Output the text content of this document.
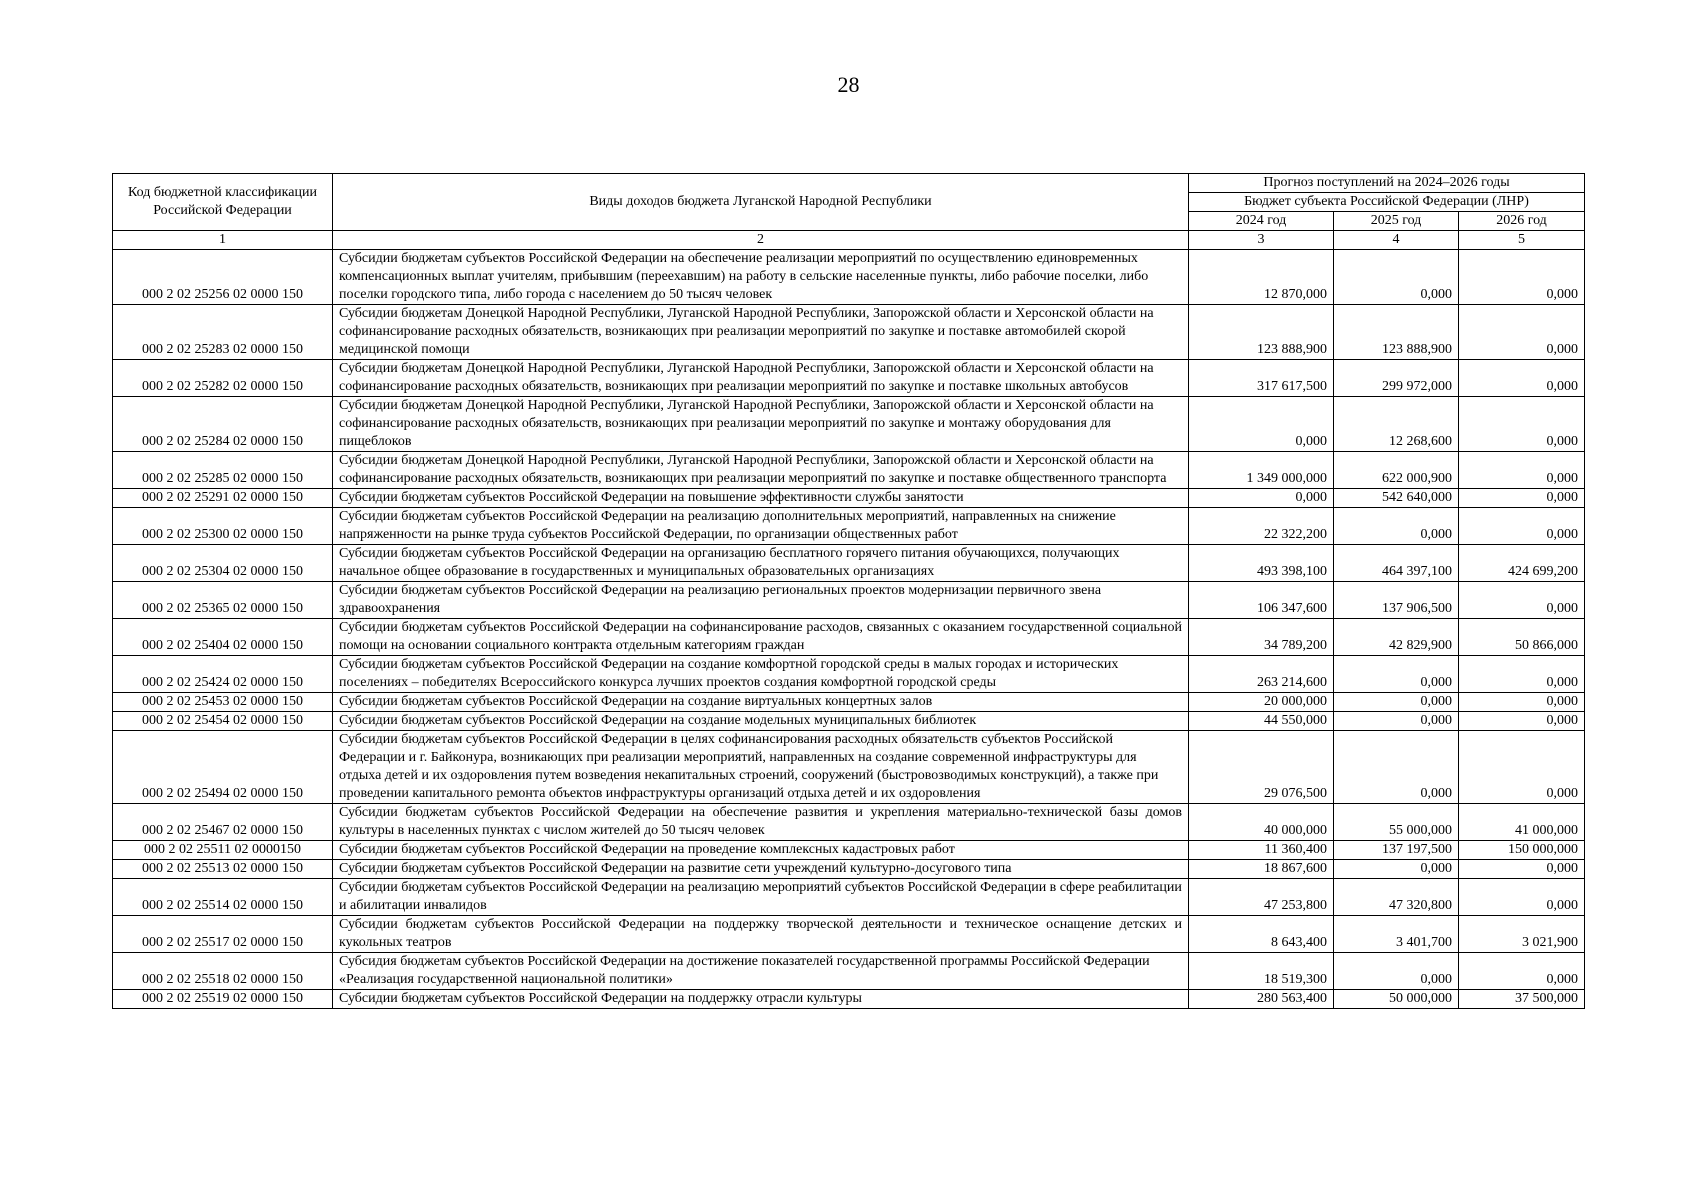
28
Код бюджетной классификации Российской Федерации	Виды доходов бюджета Луганской Народной Республики	Прогноз поступлений на 2024–2026 годы		
		Бюджет субъекта Российской Федерации (ЛНР)		
		2024 год	2025 год	2026 год
1	2	3	4	5
000 2 02 25256 02 0000 150	Субсидии бюджетам субъектов Российской Федерации на обеспечение реализации мероприятий по осуществлению единовременных компенсационных выплат учителям, прибывшим (переехавшим) на работу в сельские населенные пункты, либо рабочие поселки, либо поселки городского типа, либо города с населением до 50 тысяч человек	12 870,000	0,000	0,000
000 2 02 25283 02 0000 150	Субсидии бюджетам Донецкой Народной Республики, Луганской Народной Республики, Запорожской области и Херсонской области на софинансирование расходных обязательств, возникающих при реализации мероприятий по закупке и поставке автомобилей скорой медицинской помощи	123 888,900	123 888,900	0,000
000 2 02 25282 02 0000 150	Субсидии бюджетам Донецкой Народной Республики, Луганской Народной Республики, Запорожской области и Херсонской области на софинансирование расходных обязательств, возникающих при реализации мероприятий по закупке и поставке школьных автобусов	317 617,500	299 972,000	0,000
000 2 02 25284 02 0000 150	Субсидии бюджетам Донецкой Народной Республики, Луганской Народной Республики, Запорожской области и Херсонской области на софинансирование расходных обязательств, возникающих при реализации мероприятий по закупке и монтажу оборудования для пищеблоков	0,000	12 268,600	0,000
000 2 02 25285 02 0000 150	Субсидии бюджетам Донецкой Народной Республики, Луганской Народной Республики, Запорожской области и Херсонской области на софинансирование расходных обязательств, возникающих при реализации мероприятий по закупке и поставке общественного транспорта	1 349 000,000	622 000,900	0,000
000 2 02 25291 02 0000 150	Субсидии бюджетам субъектов Российской Федерации на повышение эффективности службы занятости	0,000	542 640,000	0,000
000 2 02 25300 02 0000 150	Субсидии бюджетам субъектов Российской Федерации на реализацию дополнительных мероприятий, направленных на снижение напряженности на рынке труда субъектов Российской Федерации, по организации общественных работ	22 322,200	0,000	0,000
000 2 02 25304 02 0000 150	Субсидии бюджетам субъектов Российской Федерации на организацию бесплатного горячего питания обучающихся, получающих начальное общее образование в государственных и муниципальных образовательных организациях	493 398,100	464 397,100	424 699,200
000 2 02 25365 02 0000 150	Субсидии бюджетам субъектов Российской Федерации на реализацию региональных проектов модернизации первичного звена здравоохранения	106 347,600	137 906,500	0,000
000 2 02 25404 02 0000 150	Субсидии бюджетам субъектов Российской Федерации на софинансирование расходов, связанных с оказанием государственной социальной помощи на основании социального контракта отдельным категориям граждан	34 789,200	42 829,900	50 866,000
000 2 02 25424 02 0000 150	Субсидии бюджетам субъектов Российской Федерации на создание комфортной городской среды в малых городах и исторических поселениях – победителях Всероссийского конкурса лучших проектов создания комфортной городской среды	263 214,600	0,000	0,000
000 2 02 25453 02 0000 150	Субсидии бюджетам субъектов Российской Федерации на создание виртуальных концертных залов	20 000,000	0,000	0,000
000 2 02 25454 02 0000 150	Субсидии бюджетам субъектов Российской Федерации на создание модельных муниципальных библиотек	44 550,000	0,000	0,000
000 2 02 25494 02 0000 150	Субсидии бюджетам субъектов Российской Федерации в целях софинансирования расходных обязательств субъектов Российской Федерации и г. Байконура, возникающих при реализации мероприятий, направленных на создание современной инфраструктуры для отдыха детей и их оздоровления путем возведения некапитальных строений, сооружений (быстровозводимых конструкций), а также при проведении капитального ремонта объектов инфраструктуры организаций отдыха детей и их оздоровления	29 076,500	0,000	0,000
000 2 02 25467 02 0000 150	Субсидии бюджетам субъектов Российской Федерации на обеспечение развития и укрепления материально-технической базы домов культуры в населенных пунктах с числом жителей до 50 тысяч человек	40 000,000	55 000,000	41 000,000
000 2 02 25511 02 0000150	Субсидии бюджетам субъектов Российской Федерации на проведение комплексных кадастровых работ	11 360,400	137 197,500	150 000,000
000 2 02 25513 02 0000 150	Субсидии бюджетам субъектов Российской Федерации на развитие сети учреждений культурно-досугового типа	18 867,600	0,000	0,000
000 2 02 25514 02 0000 150	Субсидии бюджетам субъектов Российской Федерации на реализацию мероприятий субъектов Российской Федерации в сфере реабилитации и абилитации инвалидов	47 253,800	47 320,800	0,000
000 2 02 25517 02 0000 150	Субсидии бюджетам субъектов Российской Федерации на поддержку творческой деятельности и техническое оснащение детских и кукольных театров	8 643,400	3 401,700	3 021,900
000 2 02 25518 02 0000 150	Субсидия бюджетам субъектов Российской Федерации на достижение показателей государственной программы Российской Федерации «Реализация государственной национальной политики»	18 519,300	0,000	0,000
000 2 02 25519 02 0000 150	Субсидии бюджетам субъектов Российской Федерации на поддержку отрасли культуры	280 563,400	50 000,000	37 500,000
